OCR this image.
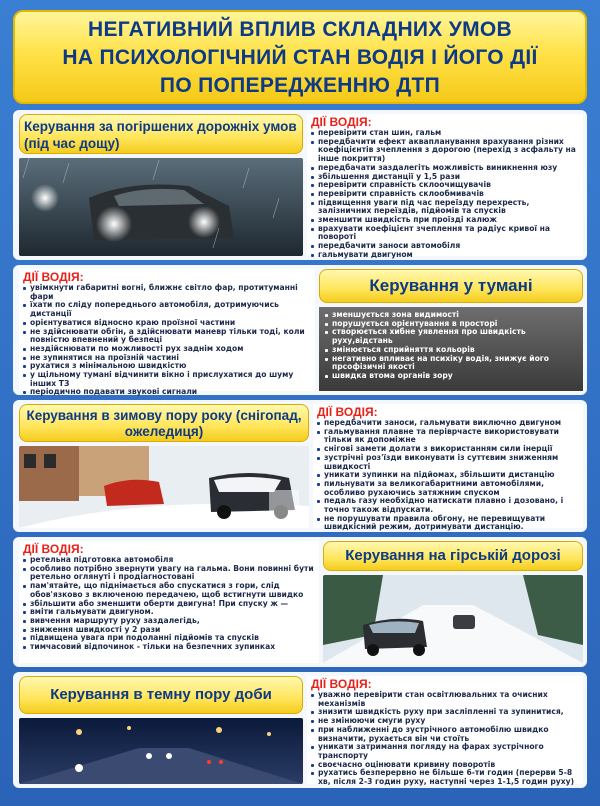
НЕГАТИВНИЙ ВПЛИВ СКЛАДНИХ УМОВ
НА ПСИХОЛОГІЧНИЙ СТАН ВОДІЯ І ЙОГО ДІЇ
ПО ПОПЕРЕДЖЕННЮ ДТП
Керування за погіршених дорожніх умов (під час дощу)
ДІЇ ВОДІЯ:
перевірити стан шин, гальм
передбачити ефект аквапланування врахування різних коефіцієнтів зчеплення з дорогою (перехід з асфальту на інше покриття)
передбачати заздалегіть можливість виникнення юзу
збільшення дистанції у 1,5 рази
перевірити справність склоочищувачів
перевірити справність склообмивачів
підвищення уваги під час переїзду перехресть, залізничних переїздів, підйомів та спусків
зменшити швидкість при проїзді калюж
врахувати коефіцієнт зчеплення та радіус кривої на повороті
передбачити заноси автомобіля
гальмувати двигуном
ДІЇ ВОДІЯ:
увімкнути габаритні вогні, ближнє світло фар, протитуманні фари
їхати по сліду попереднього автомобіля, дотримуючись дистанції
орієнтуватися відносно краю проїзної частини
не здійснювати обгін, а здійснювати маневр тільки тоді, коли повністю впевнений у безпеці
нездійснювати по можливості рух заднім ходом
не зупинятися на проїзній частині
рухатися з мінімальною швидкістю
у щільному тумані відчинити вікно і прислухатися до шуму інших ТЗ
періодично подавати звукові сигнали
Керування у тумані
зменшується зона видимості
порушується орієнтування в просторі
створюється хибне уявлення про швидкість руху,відстань
змінюється сприйняття кольорів
негативно впливає на психіку водія, знижує його прсофізичні якості
швидка втома органів зору
Керування в зимову пору року (снігопад, ожеледиця)
ДІЇ ВОДІЯ:
передбачити заноси, гальмувати виключно двигуном
гальмування плавне та періврчасте використовувати тільки як допоміжне
снігові замети долати з використанням сили інерції
зустрічні роз'їзди виконувати із суттєвим зниженням швидкості
уникати зупинки на підйомах, збільшити дистанцію
пильнувати за великогабаритними автомобілями, особливо рухаючись затяжним спуском
педаль газу необхідно натискати плавно і дозовано, і точно також відпускати.
не порушувати правила обгону, не перевищувати швидкісний режим, дотримувати дистанцію.
ДІЇ ВОДІЯ:
ретельна підготовка автомобіля
особливо потрібно звернути увагу на гальма. Вони повинні бути ретельно оглянуті і продіагностовані
пам'ятайте, що піднімається або спускатися з гори, слід обов'язково з включеною передачею, щоб встигнути швидко
збільшити або зменшити оберти двигуна! При спуску ж —
вміти гальмувати двигуном.
вивчення маршруту руху заздалегідь,
зниження швидкості у 2 рази
підвищена увага при подоланні підйомів та спусків
тимчасовий відпочинок - тільки на безпечних зупинках
Керування на гірській дорозі
Керування в темну пору доби
ДІЇ ВОДІЯ:
уважно перевірити стан освітлювальних та очисних механізмів
знизити швидкість руху при засліпленні та зупинитися,
не змінюючи смуги руху
при наближенні до зустрічного автомобілю швидко визначити, рухається він чи стоїть
уникати затримання погляду на фарах зустрічного транспорту
своєчасно оцінювати кривину поворотів
рухатись безперервно не більше 6-ти годин (перерви 5-8 хв, після 2-3 годин руху, наступні через 1-1,5 годин руху)
